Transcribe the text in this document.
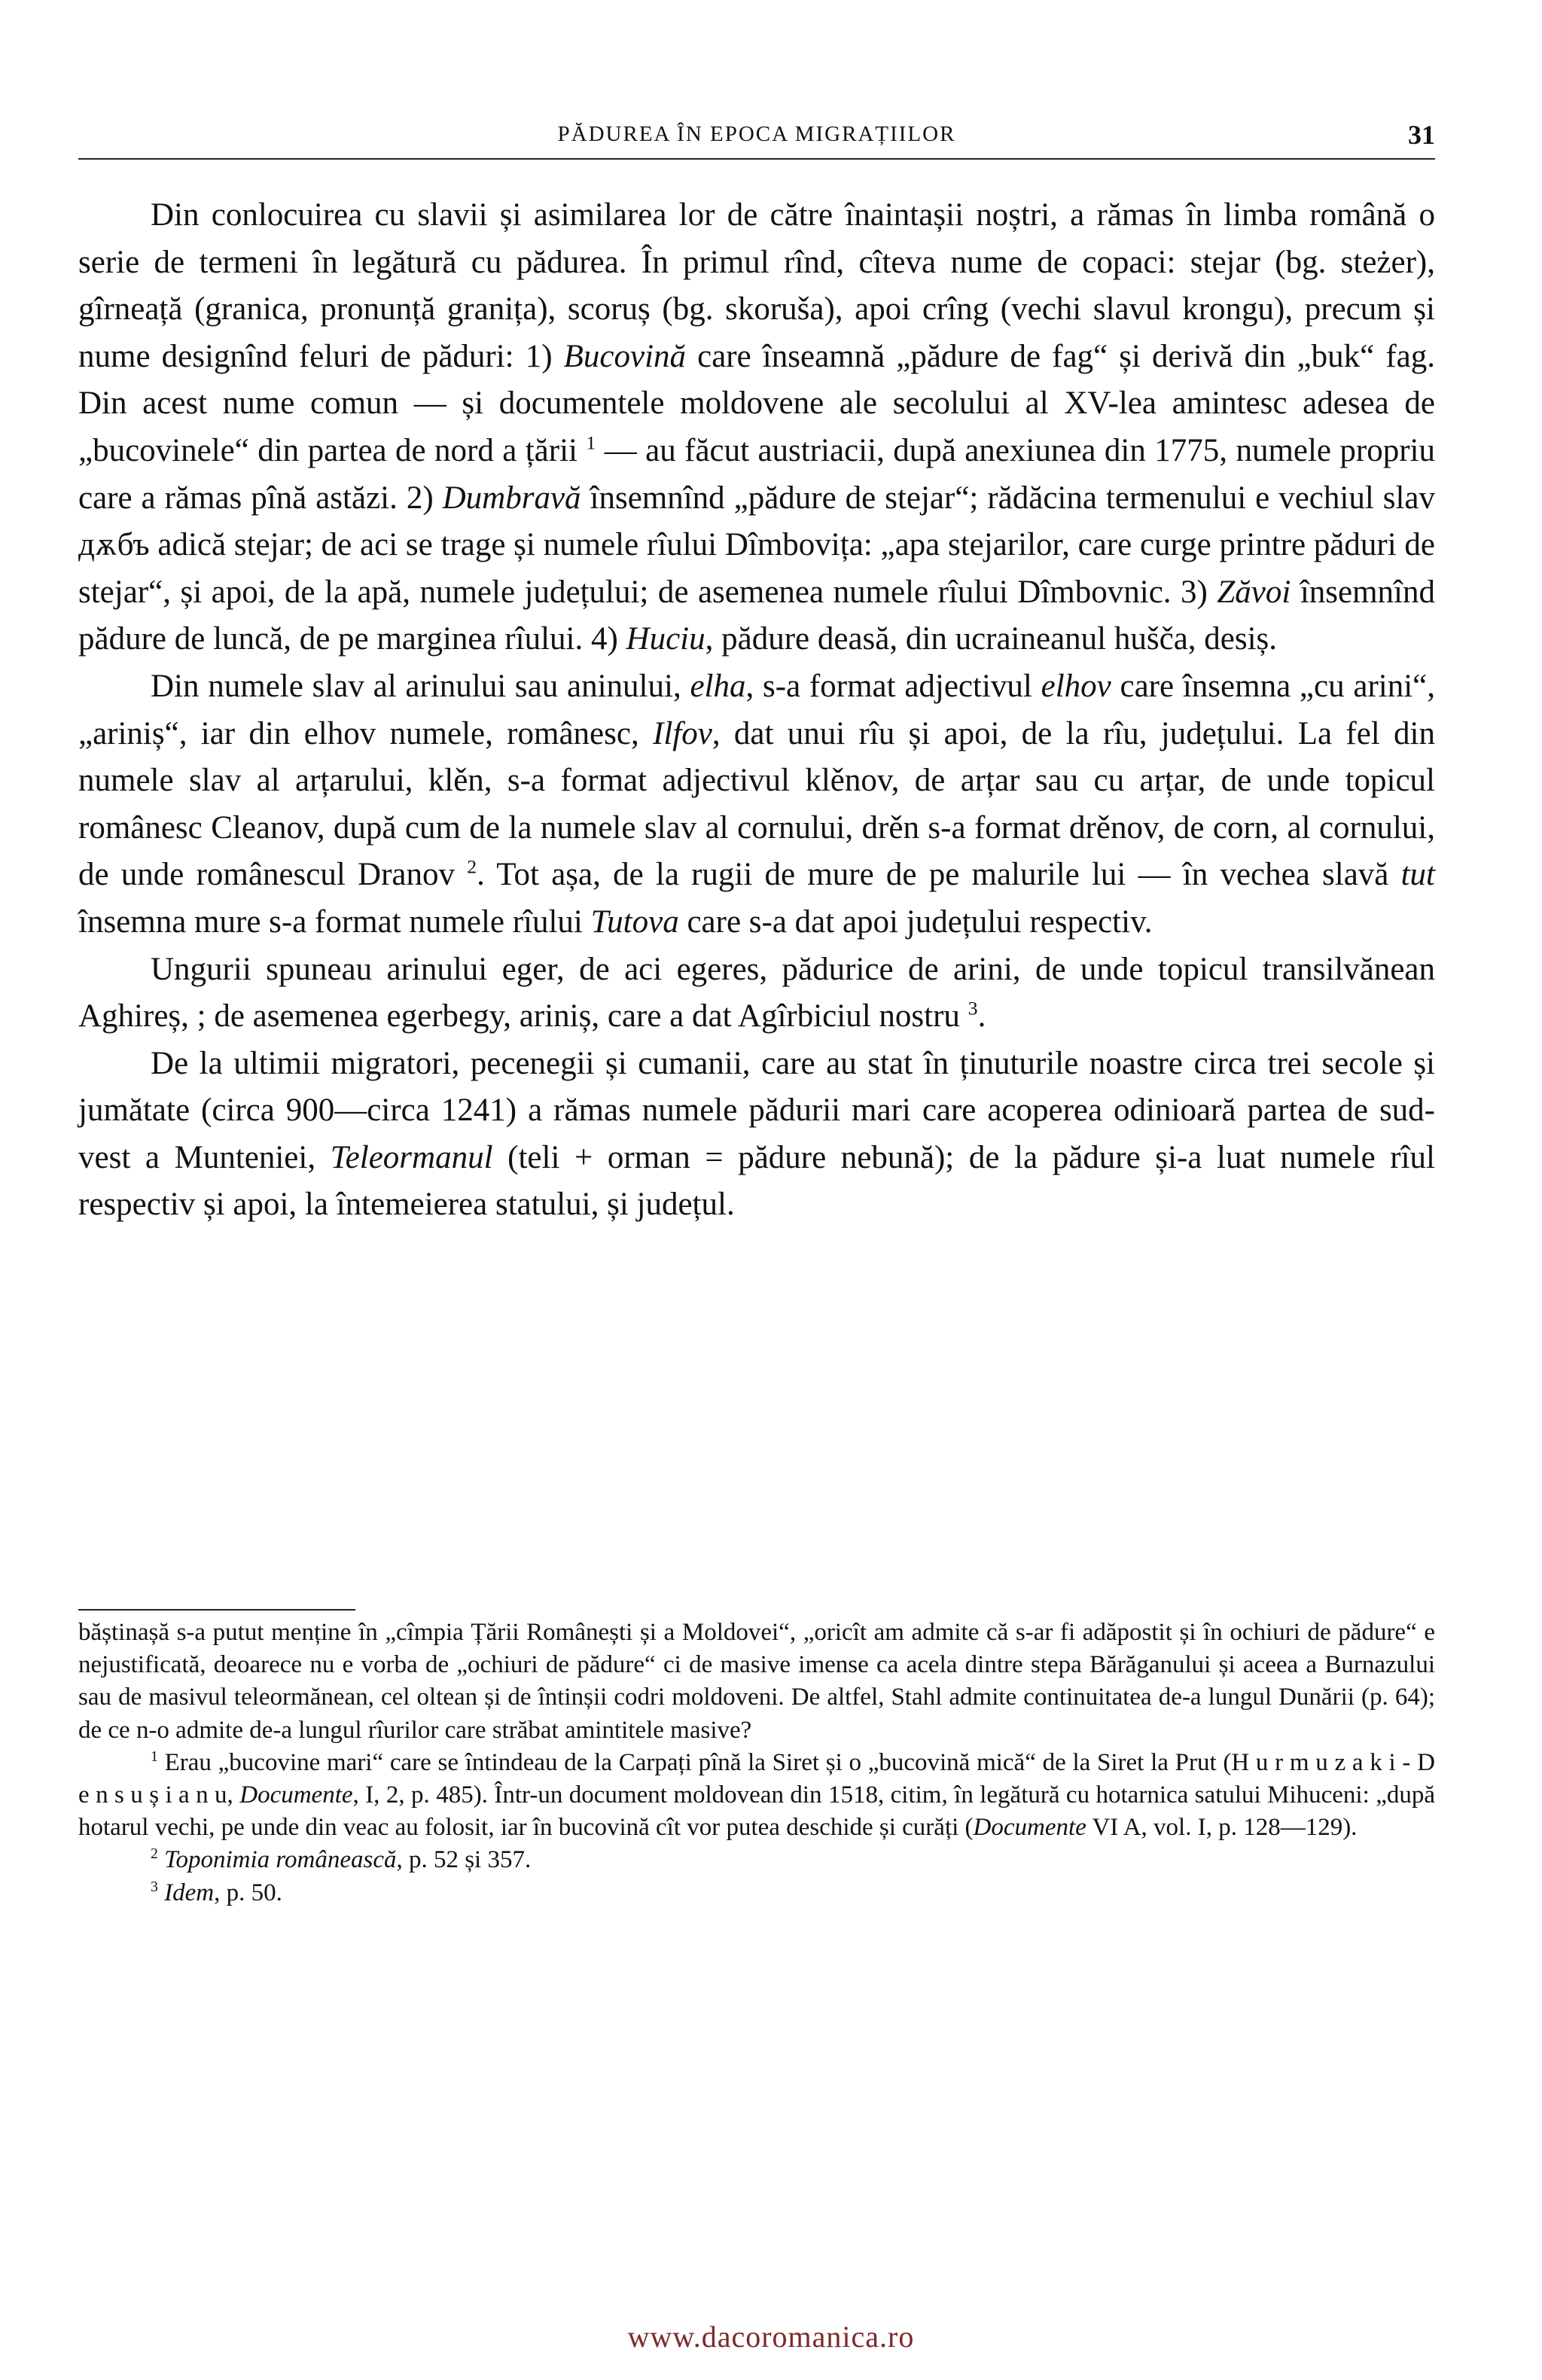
PĂDUREA ÎN EPOCA MIGRAȚIILOR	31

Din conlocuirea cu slavii și asimilarea lor de către înaintașii noștri, a rămas în limba română o serie de termeni în legătură cu pădurea. În primul rînd, cîteva nume de copaci: stejar (bg. steżer), gîrneață (granica, pronunță granița), scoruș (bg. skoruša), apoi crîng (vechi slavul krongu), precum și nume designînd feluri de păduri: 1) Bucovină care înseamnă „pădure de fag“ și derivă din „buk“ fag. Din acest nume comun — și documentele moldovene ale secolului al XV-lea amintesc adesea de „bucovinele“ din partea de nord a țării $^1$ — au făcut austriacii, după anexiunea din 1775, numele propriu care a rămas pînă astăzi. 2) Dumbravă însemnînd „pădure de stejar“; rădăcina termenului e vechiul slav дѫбъ adică stejar; de aci se trage și numele rîului Dîmbovița: „apa stejarilor, care curge printre păduri de stejar“, și apoi, de la apă, numele județului; de asemenea numele rîului Dîmbovnic. 3) Zăvoi însemnînd pădure de luncă, de pe marginea rîului. 4) Huciu, pădure deasă, din ucraineanul hušča, desiș.

Din numele slav al arinului sau aninului, elha, s-a format adjectivul elhov care însemna „cu arini“, „ariniș“, iar din elhov numele, românesc, Ilfov, dat unui rîu și apoi, de la rîu, județului. La fel din numele slav al arțarului, klěn, s-a format adjectivul klěnov, de arțar sau cu arțar, de unde topicul românesc Cleanov, după cum de la numele slav al cornului, drěn s-a format drěnov, de corn, al cornului, de unde românescul Dranov $^2$. Tot așa, de la rugii de mure de pe malurile lui — în vechea slavă tut însemna mure s-a format numele rîului Tutova care s-a dat apoi județului respectiv.

Ungurii spuneau arinului eger, de aci egeres, pădurice de arini, de unde topicul transilvănean Aghireș, ; de asemenea egerbegy, ariniș, care a dat Agîrbiciul nostru $^3$.

De la ultimii migratori, pecenegii și cumanii, care au stat în ținuturile noastre circa trei secole și jumătate (circa 900—circa 1241) a rămas numele pădurii mari care acoperea odinioară partea de sud-vest a Munteniei, Teleormanul (teli + orman = pădure nebună); de la pădure și-a luat numele rîul respectiv și apoi, la întemeierea statului, și județul.

băștinașă s-a putut menține în „cîmpia Țării Românești și a Moldovei“, „oricît am admite că s-ar fi adăpostit și în ochiuri de pădure“ e nejustificată, deoarece nu e vorba de „ochiuri de pădure“ ci de masive imense ca acela dintre stepa Bărăganului și aceea a Burnazului sau de masivul teleormănean, cel oltean și de întinșii codri moldoveni. De altfel, Stahl admite continuitatea de-a lungul Dunării (p. 64); de ce n-o admite de-a lungul rîurilor care străbat amintitele masive?

$^1$ Erau „bucovine mari“ care se întindeau de la Carpați pînă la Siret și o „bucovină mică“ de la Siret la Prut (H u r m u z a k i - D e n s u ș i a n u, Documente, I, 2, p. 485). Într-un document moldovean din 1518, citim, în legătură cu hotarnica satului Mihuceni: „după hotarul vechi, pe unde din veac au folosit, iar în bucovină cît vor putea deschide și curăți (Documente VI A, vol. I, p. 128—129).

$^2$ Toponimia românească, p. 52 și 357.

$^3$ Idem, p. 50.

www.dacoromanica.ro
